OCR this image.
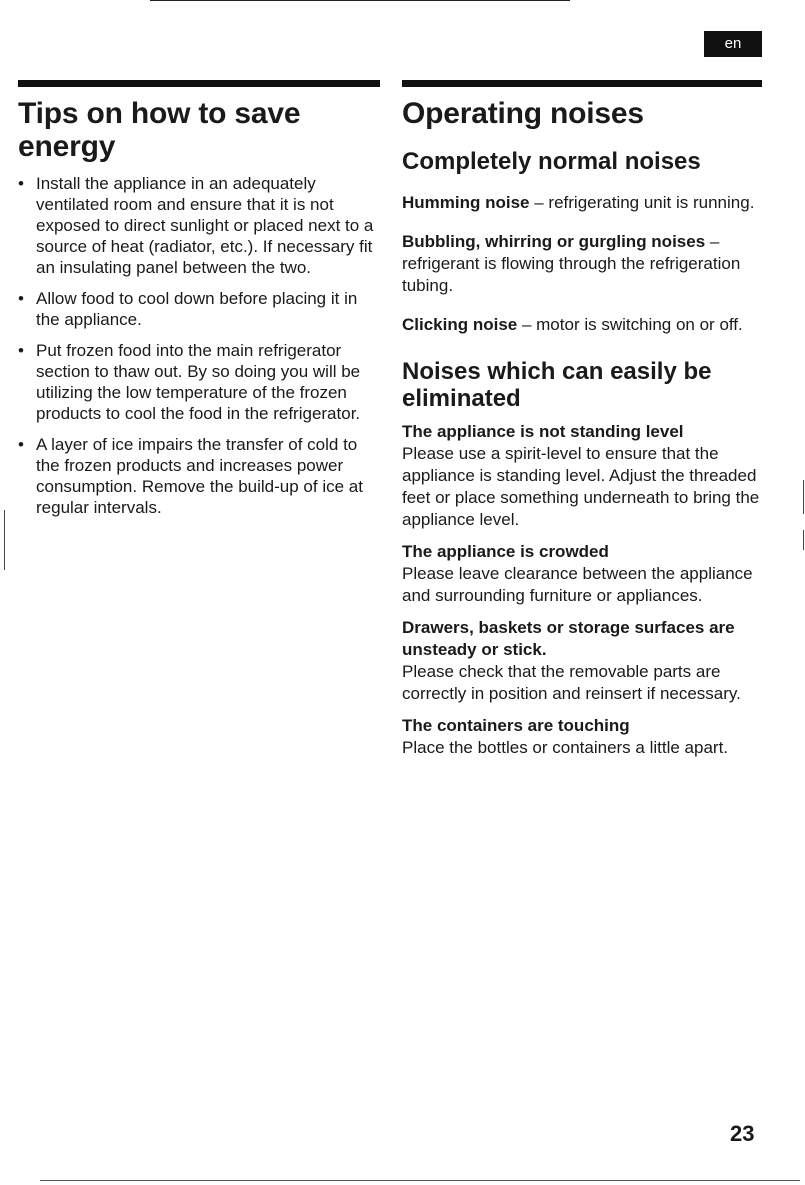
en
Tips on how to save energy
• Install the appliance in an adequately ventilated room and ensure that it is not exposed to direct sunlight or placed next to a source of heat (radiator, etc.). If necessary fit an insulating panel between the two.
• Allow food to cool down before placing it in the appliance.
• Put frozen food into the main refrigerator section to thaw out. By so doing you will be utilizing the low temperature of the frozen products to cool the food in the refrigerator.
• A layer of ice impairs the transfer of cold to the frozen products and increases power consumption. Remove the build-up of ice at regular intervals.
Operating noises
Completely normal noises

Humming noise – refrigerating unit is running.

Bubbling, whirring or gurgling noises – refrigerant is flowing through the refrigeration tubing.

Clicking noise – motor is switching on or off.

Noises which can easily be eliminated

The appliance is not standing level

Please use a spirit-level to ensure that the appliance is standing level. Adjust the threaded feet or place something underneath to bring the appliance level.

The appliance is crowded

Please leave clearance between the appliance and surrounding furniture or appliances.

Drawers, baskets or storage surfaces are unsteady or stick.

Please check that the removable parts are correctly in position and reinsert if necessary.

The containers are touching

Place the bottles or containers a little apart.

23
